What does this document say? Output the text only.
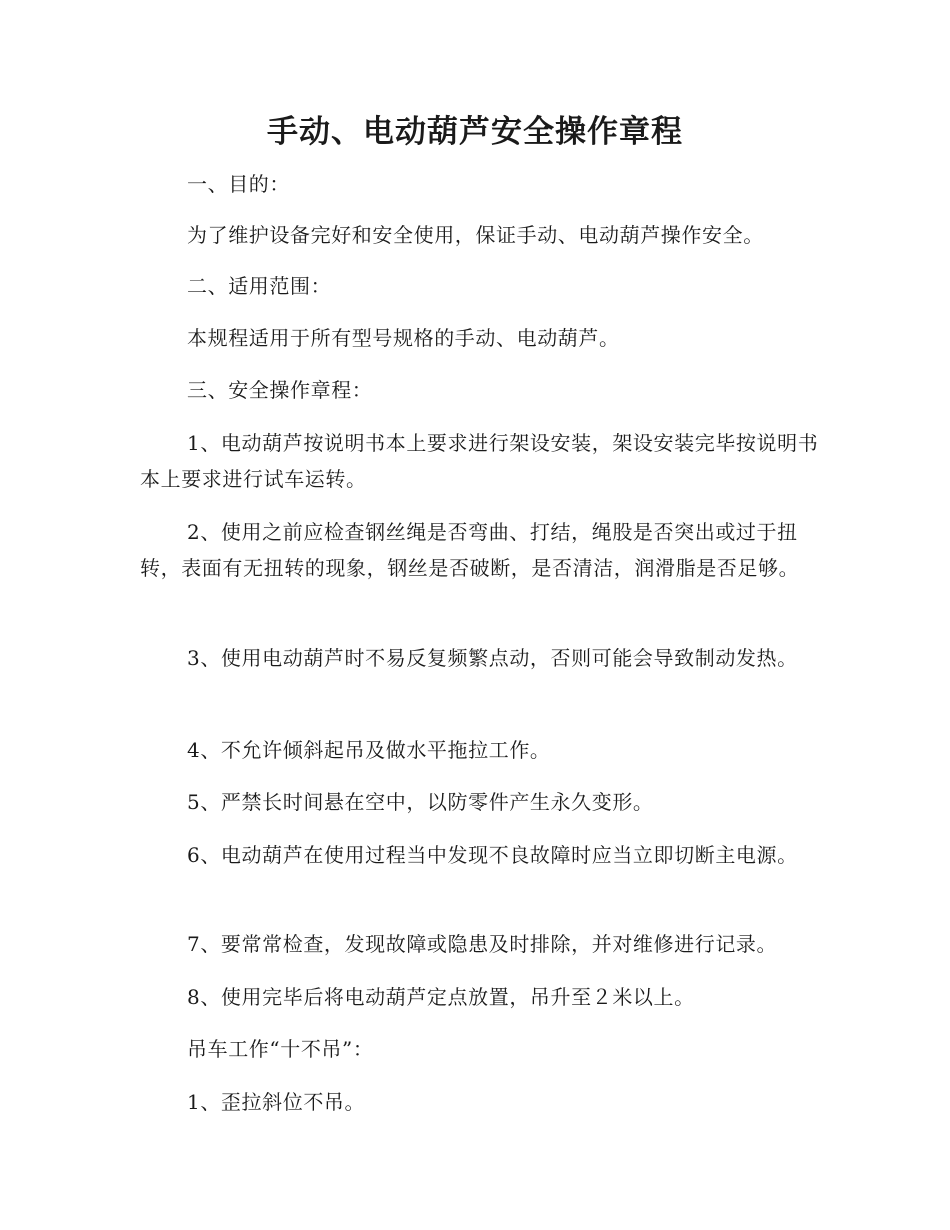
手动、电动葫芦安全操作章程

一、目的：

为了维护设备完好和安全使用，保证手动、电动葫芦操作安全。

二、适用范围：

本规程适用于所有型号规格的手动、电动葫芦。

三、安全操作章程：

1、电动葫芦按说明书本上要求进行架设安装，架设安装完毕按说明书本上要求进行试车运转。

2、使用之前应检查钢丝绳是否弯曲、打结，绳股是否突出或过于扭转，表面有无扭转的现象，钢丝是否破断，是否清洁，润滑脂是否足够。

3、使用电动葫芦时不易反复频繁点动，否则可能会导致制动发热。

4、不允许倾斜起吊及做水平拖拉工作。

5、严禁长时间悬在空中，以防零件产生永久变形。

6、电动葫芦在使用过程当中发现不良故障时应当立即切断主电源。

7、要常常检查，发现故障或隐患及时排除，并对维修进行记录。

8、使用完毕后将电动葫芦定点放置，吊升至２米以上。

吊车工作“十不吊”：

1、歪拉斜位不吊。
